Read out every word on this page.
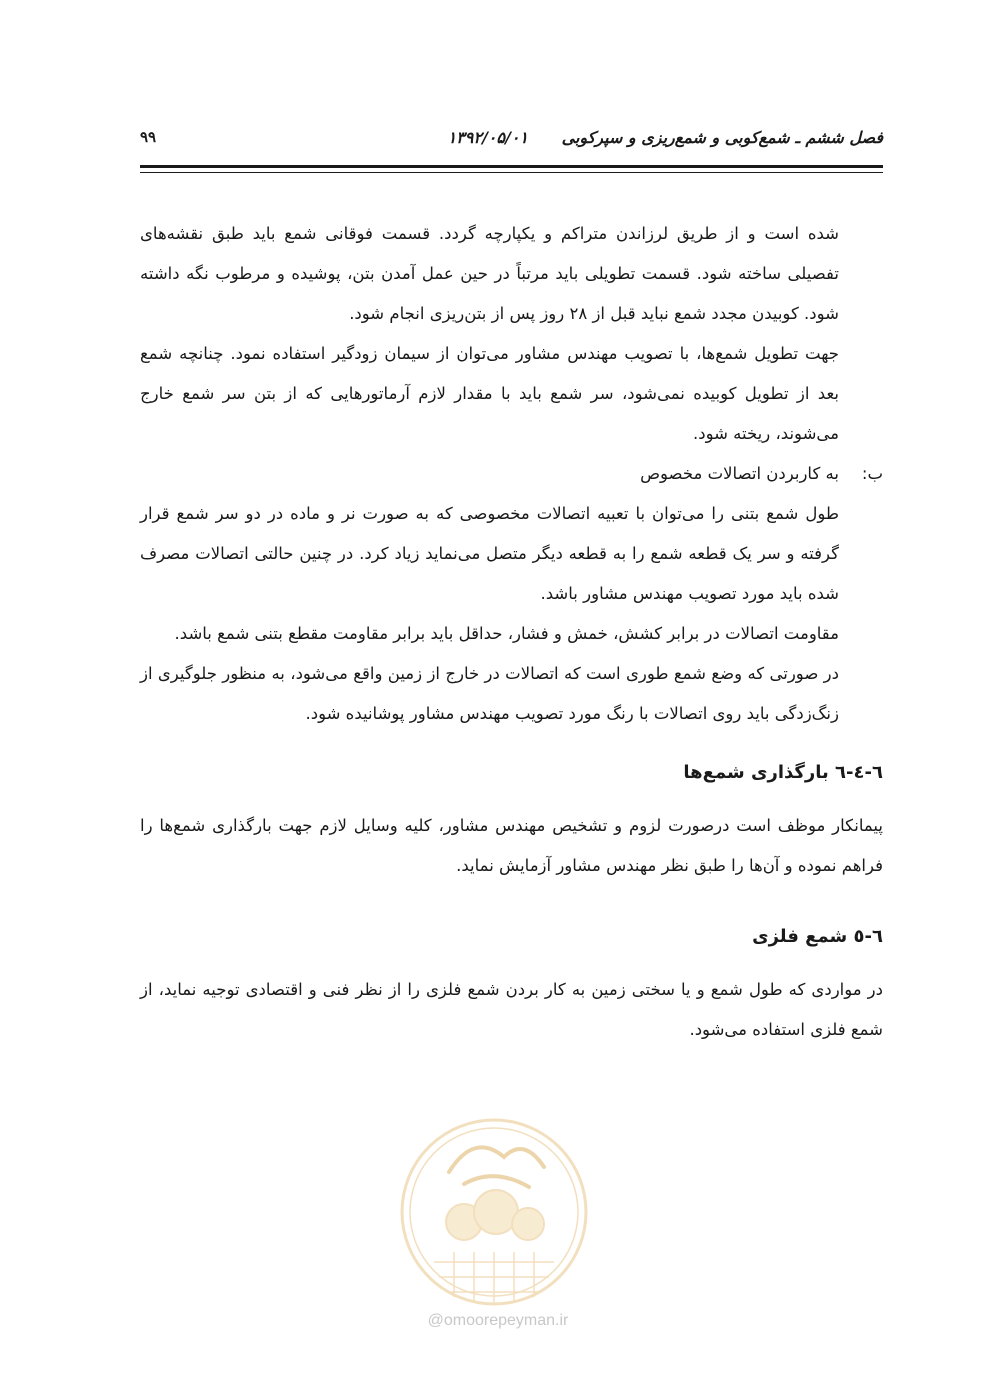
فصل ششم ـ شمع‌کوبی و شمع‌ریزی و سپرکوبی
۱۳۹۲/۰۵/۰۱
۹۹

شده است و از طریق لرزاندن متراکم و یکپارچه گردد. قسمت فوقانی شمع باید طبق نقشه‌های تفصیلی ساخته شود. قسمت تطویلی باید مرتباً در حین عمل آمدن بتن، پوشیده و مرطوب نگه داشته شود. کوبیدن مجدد شمع نباید قبل از ۲۸ روز پس از بتن‌ریزی انجام شود.

جهت تطویل شمع‌ها، با تصویب مهندس مشاور می‌توان از سیمان زودگیر استفاده نمود. چنانچه شمع بعد از تطویل کوبیده نمی‌شود، سر شمع باید با مقدار لازم آرماتورهایی که از بتن سر شمع خارج می‌شوند، ریخته شود.

ب:
به کاربردن اتصالات مخصوص

طول شمع بتنی را می‌توان با تعبیه اتصالات مخصوصی که به صورت نر و ماده در دو سر شمع قرار گرفته و سر یک قطعه شمع را به قطعه دیگر متصل می‌نماید زیاد کرد. در چنین حالتی اتصالات مصرف شده باید مورد تصویب مهندس مشاور باشد.

مقاومت اتصالات در برابر کشش، خمش و فشار، حداقل باید برابر مقاومت مقطع بتنی شمع باشد.

در صورتی که وضع شمع طوری است که اتصالات در خارج از زمین واقع می‌شود، به منظور جلوگیری از زنگ‌زدگی باید روی اتصالات با رنگ مورد تصویب مهندس مشاور پوشانیده شود.

٦-٤-٦ بارگذاری شمع‌ها

پیمانکار موظف است درصورت لزوم و تشخیص مهندس مشاور، کلیه وسایل لازم جهت بارگذاری شمع‌ها را فراهم نموده و آن‌ها را طبق نظر مهندس مشاور آزمایش نماید.

٦-٥ شمع فلزی

در مواردی که طول شمع و یا سختی زمین به کار بردن شمع فلزی را از نظر فنی و اقتصادی توجیه نماید، از شمع فلزی استفاده می‌شود.

@omoorepeyman.ir
